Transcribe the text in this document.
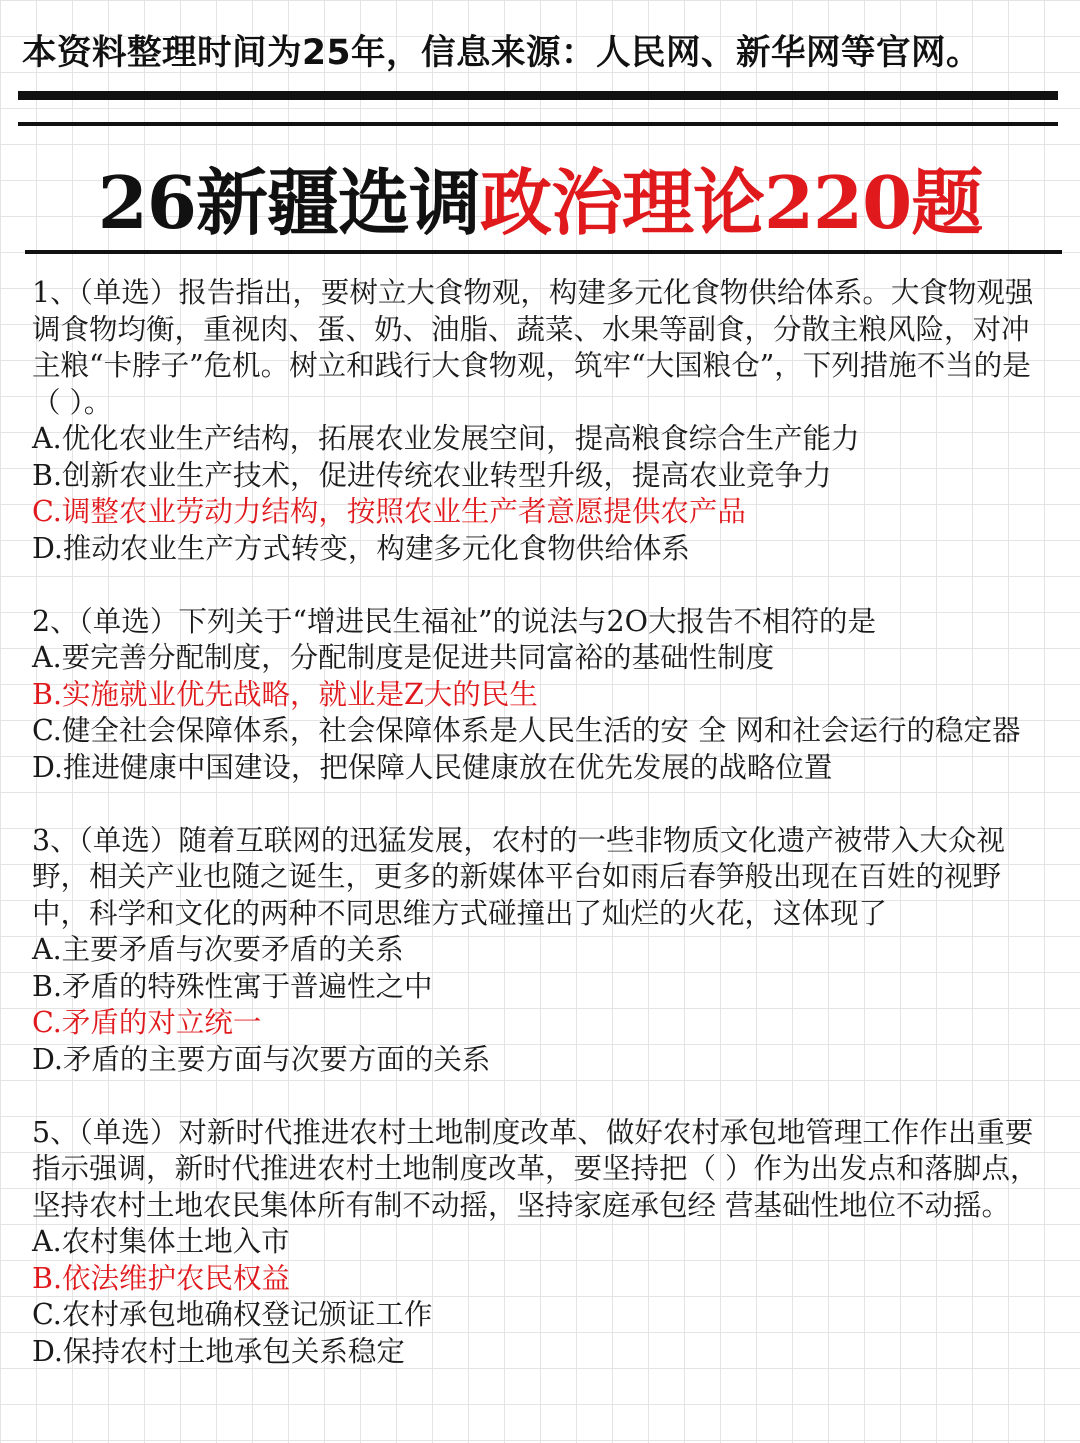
本资料整理时间为25年，信息来源：人民网、新华网等官网。
26新疆选调政治理论220题

1、（单选）报告指出，要树立大食物观，构建多元化食物供给体系。大食物观强调食物均衡，重视肉、蛋、奶、油脂、蔬菜、水果等副食，分散主粮风险，对冲主粮“卡脖子”危机。树立和践行大食物观，筑牢“大国粮仓”，下列措施不当的是（ ）。

A.优化农业生产结构，拓展农业发展空间，提高粮食综合生产能力

B.创新农业生产技术，促进传统农业转型升级，提高农业竞争力

C.调整农业劳动力结构，按照农业生产者意愿提供农产品

D.推动农业生产方式转变，构建多元化食物供给体系

2、（单选）下列关于“增进民生福祉”的说法与2O大报告不相符的是

A.要完善分配制度，分配制度是促进共同富裕的基础性制度

B.实施就业优先战略，就业是Z大的民生

C.健全社会保障体系，社会保障体系是人民生活的安 全 网和社会运行的稳定器

D.推进健康中国建设，把保障人民健康放在优先发展的战略位置

3、（单选）随着互联网的迅猛发展，农村的一些非物质文化遗产被带入大众视野，相关产业也随之诞生，更多的新媒体平台如雨后春笋般出现在百姓的视野中，科学和文化的两种不同思维方式碰撞出了灿烂的火花，这体现了

A.主要矛盾与次要矛盾的关系

B.矛盾的特殊性寓于普遍性之中

C.矛盾的对立统一

D.矛盾的主要方面与次要方面的关系

5、（单选）对新时代推进农村土地制度改革、做好农村承包地管理工作作出重要指示强调，新时代推进农村土地制度改革，要坚持把（ ）作为出发点和落脚点，坚持农村土地农民集体所有制不动摇，坚持家庭承包经 营基础性地位不动摇。

A.农村集体土地入市

B.依法维护农民权益

C.农村承包地确权登记颁证工作

D.保持农村土地承包关系稳定
